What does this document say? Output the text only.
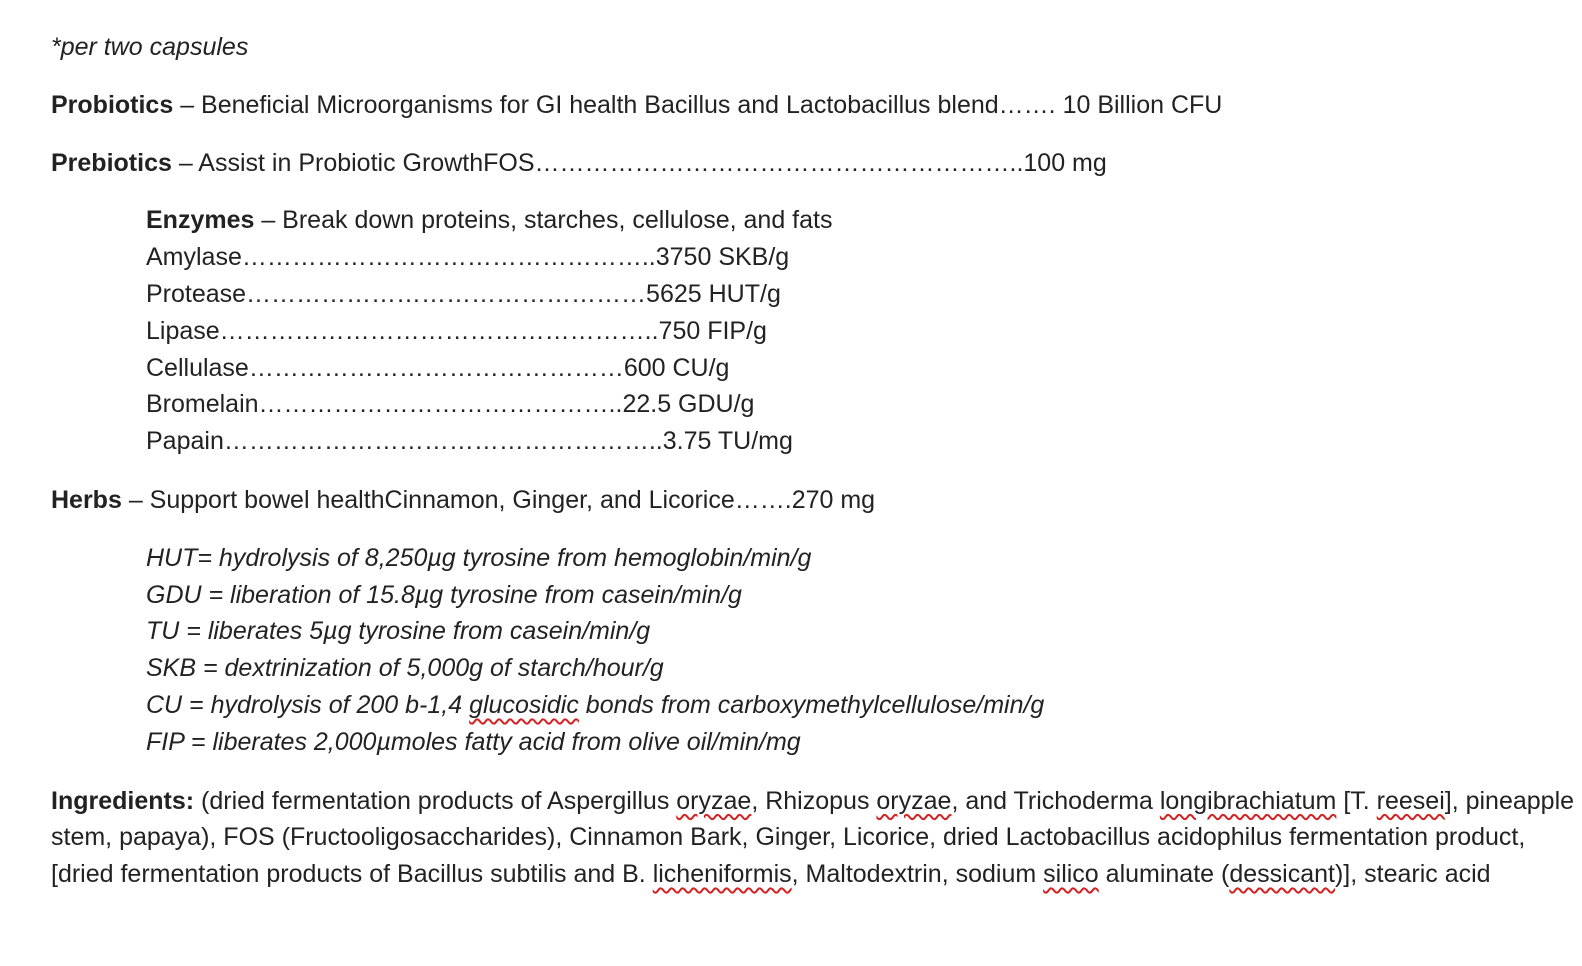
*per two capsules

Probiotics – Beneficial Microorganisms for GI health Bacillus and Lactobacillus blend……. 10 Billion CFU

Prebiotics – Assist in Probiotic GrowthFOS…………………………………………………..100 mg

Enzymes – Break down proteins, starches, cellulose, and fats
Amylase…………………………………………..3750 SKB/g
Protease…………………………………………5625 HUT/g
Lipase……………………………………………..750 FIP/g
Cellulase………………………………………600 CU/g
Bromelain……………………………………..22.5 GDU/g
Papain……………………………………………..3.75 TU/mg

Herbs – Support bowel healthCinnamon, Ginger, and Licorice…….270 mg

HUT= hydrolysis of 8,250µg tyrosine from hemoglobin/min/g
GDU = liberation of 15.8µg tyrosine from casein/min/g
TU = liberates 5µg tyrosine from casein/min/g
SKB = dextrinization of 5,000g of starch/hour/g
CU = hydrolysis of 200 b-1,4 glucosidic bonds from carboxymethylcellulose/min/g
FIP = liberates 2,000µmoles fatty acid from olive oil/min/mg

Ingredients: (dried fermentation products of Aspergillus oryzae, Rhizopus oryzae, and Trichoderma longibrachiatum [T. reesei], pineapple stem, papaya), FOS (Fructooligosaccharides), Cinnamon Bark, Ginger, Licorice, dried Lactobacillus acidophilus fermentation product, [dried fermentation products of Bacillus subtilis and B. licheniformis, Maltodextrin, sodium silico aluminate (dessicant)], stearic acid
